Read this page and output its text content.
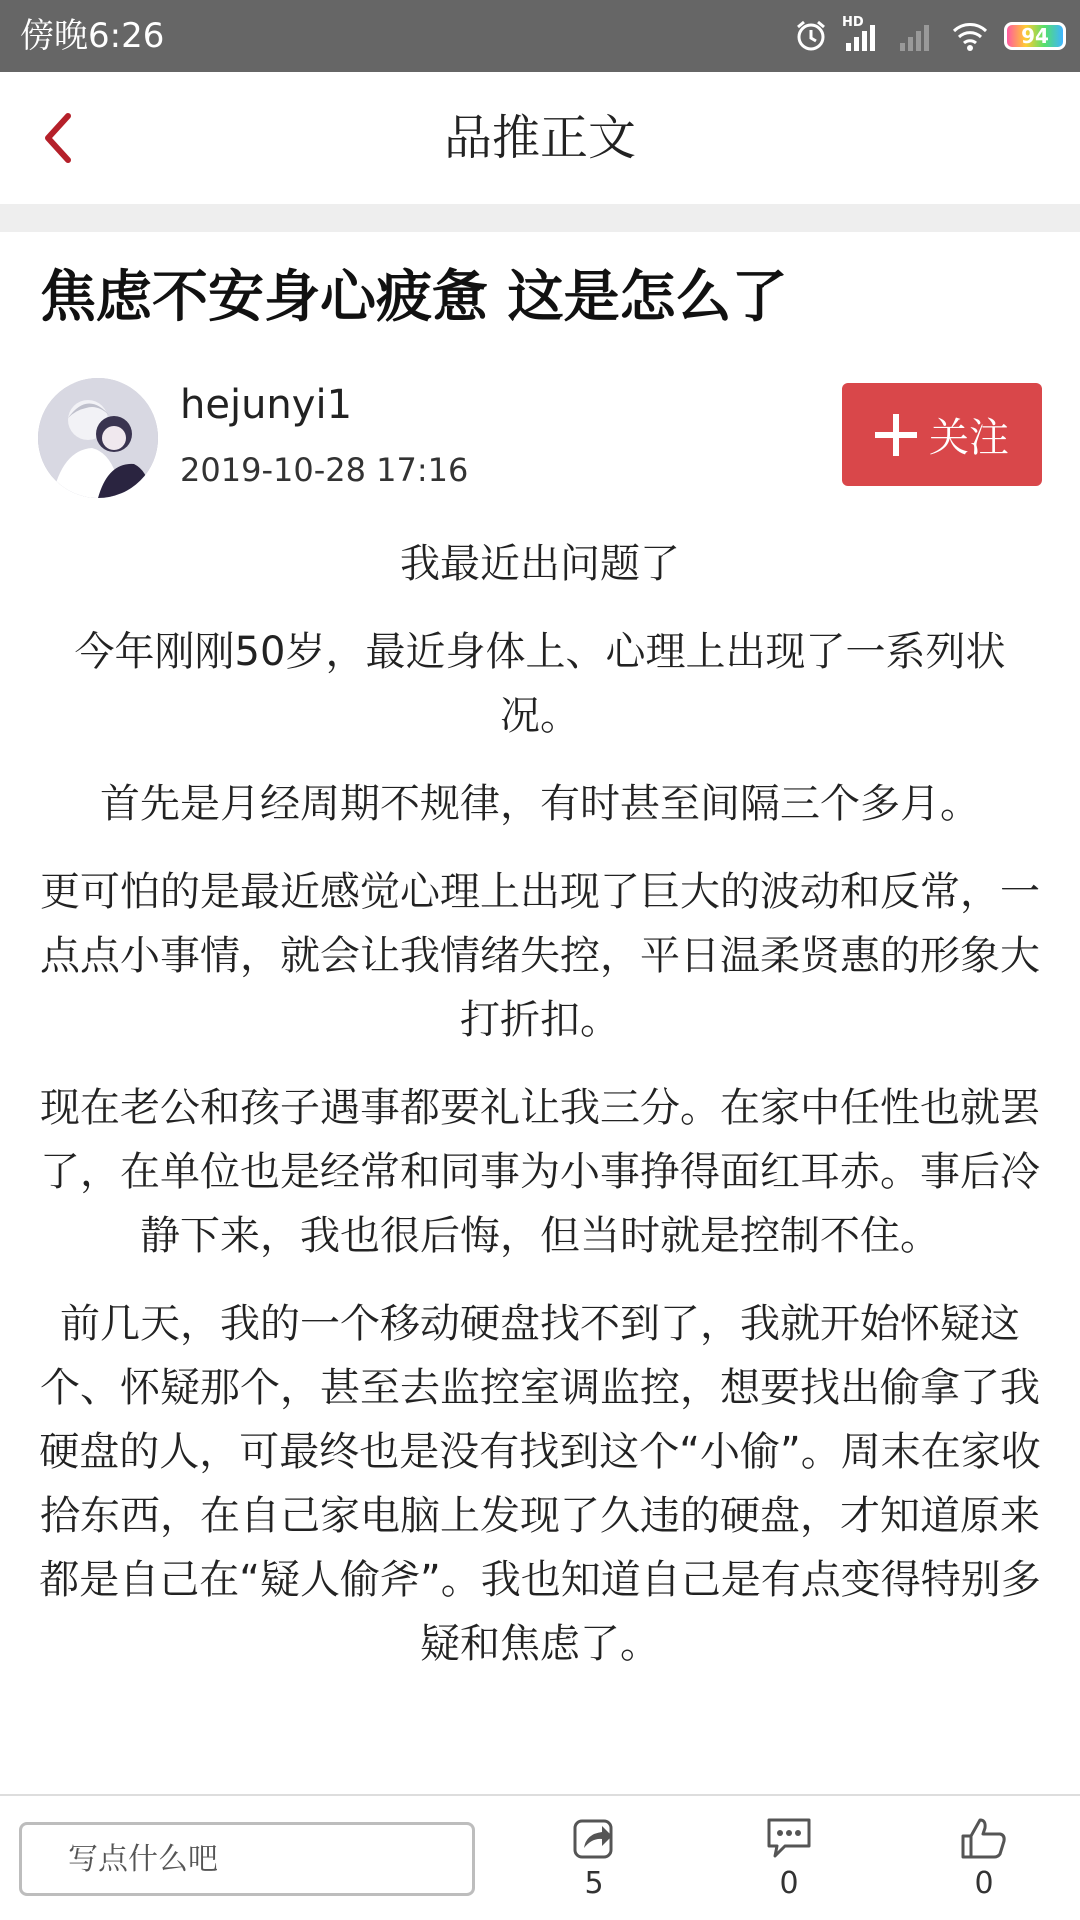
傍晚6:26	HD
94
品推正文
焦虑不安身心疲惫 这是怎么了
hejunyi1
2019-10-28 17:16
关注

我最近出问题了

今年刚刚50岁，最近身体上、心理上出现了一系列状况。

首先是月经周期不规律，有时甚至间隔三个多月。

更可怕的是最近感觉心理上出现了巨大的波动和反常，一点点小事情，就会让我情绪失控，平日温柔贤惠的形象大打折扣。

现在老公和孩子遇事都要礼让我三分。在家中任性也就罢了，在单位也是经常和同事为小事挣得面红耳赤。事后冷静下来，我也很后悔，但当时就是控制不住。

前几天，我的一个移动硬盘找不到了，我就开始怀疑这个、怀疑那个，甚至去监控室调监控，想要找出偷拿了我硬盘的人，可最终也是没有找到这个“小偷”。周末在家收拾东西，在自己家电脑上发现了久违的硬盘，才知道原来都是自己在“疑人偷斧”。我也知道自己是有点变得特别多疑和焦虑了。

写点什么吧
5	0	0
